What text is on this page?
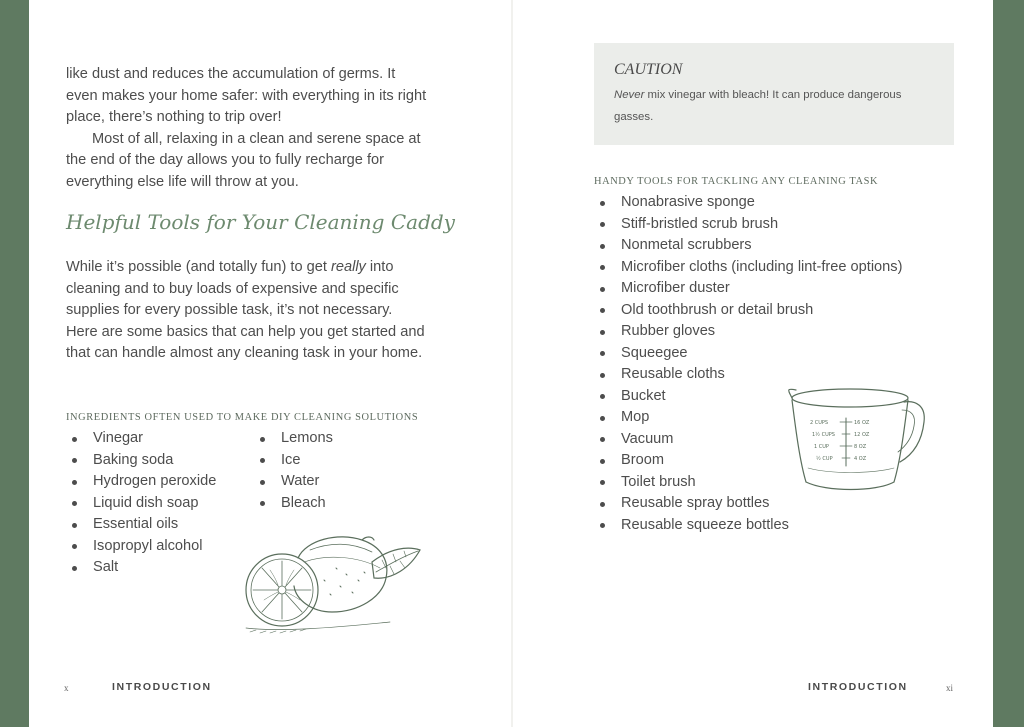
like dust and reduces the accumulation of germs. It even makes your home safer: with everything in its right place, there’s nothing to trip over!

Most of all, relaxing in a clean and serene space at the end of the day allows you to fully recharge for everything else life will throw at you.

Helpful Tools for Your Cleaning Caddy

While it’s possible (and totally fun) to get really into cleaning and to buy loads of expensive and specific supplies for every possible task, it’s not necessary. Here are some basics that can help you get started and that can handle almost any cleaning task in your home.

INGREDIENTS OFTEN USED TO MAKE DIY CLEANING SOLUTIONS
Vinegar
Baking soda
Hydrogen peroxide
Liquid dish soap
Essential oils
Isopropyl alcohol
Salt
Lemons
Ice
Water
Bleach
x	INTRODUCTION
CAUTION
Never mix vinegar with bleach! It can produce dangerous gasses.
HANDY TOOLS FOR TACKLING ANY CLEANING TASK
Nonabrasive sponge
Stiff-bristled scrub brush
Nonmetal scrubbers
Microfiber cloths (including lint-free options)
Microfiber duster
Old toothbrush or detail brush
Rubber gloves
Squeegee
Reusable cloths
Bucket
Mop
Vacuum
Broom
Toilet brush
Reusable spray bottles
Reusable squeeze bottles
2 CUPS
1½ CUPS
1 CUP
½ CUP
16 OZ
12 OZ
8 OZ
4 OZ
INTRODUCTION	xi
